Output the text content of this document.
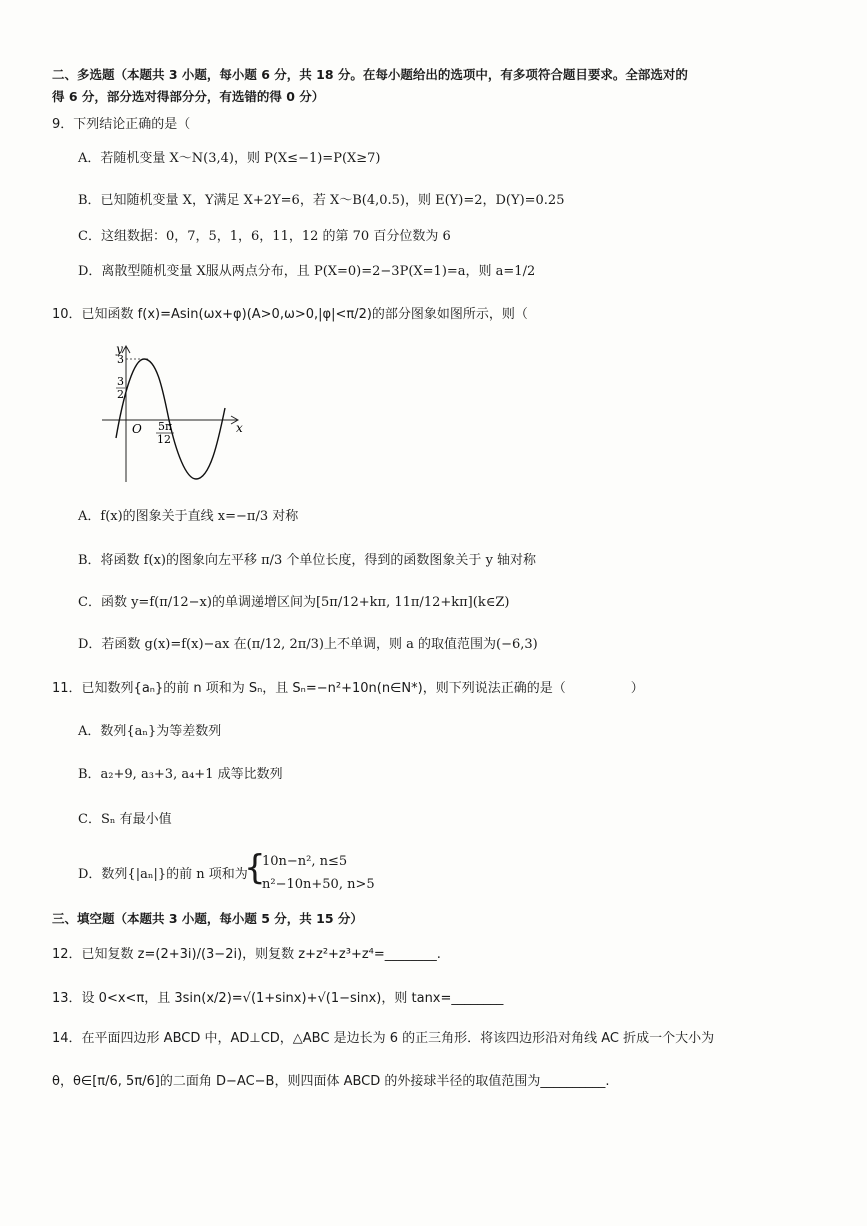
二、多选题（本题共 3 小题，每小题 6 分，共 18 分。在每小题给出的选项中，有多项符合题目要求。全部选对的
得 6 分，部分选对得部分分，有选错的得 0 分）
9．下列结论正确的是（
A．若随机变量 X～N(3,4)，则 P(X≤−1)=P(X≥7)
B．已知随机变量 X，Y满足 X+2Y=6，若 X～B(4,0.5)，则 E(Y)=2，D(Y)=0.25
C．这组数据：0，7，5，1，6，11，12 的第 70 百分位数为 6
D．离散型随机变量 X服从两点分布，且 P(X=0)=2−3P(X=1)=a，则 a=1/2
10．已知函数 f(x)=Asin(ωx+φ)(A>0,ω>0,|φ|<π/2)的部分图象如图所示，则（
y
x
O
3
3
2
5π
12
A．f(x)的图象关于直线 x=−π/3 对称
B．将函数 f(x)的图象向左平移 π/3 个单位长度，得到的函数图象关于 y 轴对称
C．函数 y=f(π/12−x)的单调递增区间为[5π/12+kπ, 11π/12+kπ](k∈Z)
D．若函数 g(x)=f(x)−ax 在(π/12, 2π/3)上不单调，则 a 的取值范围为(−6,3)
11．已知数列{aₙ}的前 n 项和为 Sₙ，且 Sₙ=−n²+10n(n∈N*)，则下列说法正确的是（　　　　　）
A．数列{aₙ}为等差数列
B．a₂+9, a₃+3, a₄+1 成等比数列
C．Sₙ 有最小值
D．数列{|aₙ|}的前 n 项和为
{
10n−n², n≤5
n²−10n+50, n>5
三、填空题（本题共 3 小题，每小题 5 分，共 15 分）
12．已知复数 z=(2+3i)/(3−2i)，则复数 z+z²+z³+z⁴=________.
13．设 0<x<π，且 3sin(x/2)=√(1+sinx)+√(1−sinx)，则 tanx=________
14．在平面四边形 ABCD 中，AD⊥CD，△ABC 是边长为 6 的正三角形．将该四边形沿对角线 AC 折成一个大小为
θ，θ∈[π/6, 5π/6]的二面角 D−AC−B，则四面体 ABCD 的外接球半径的取值范围为__________.
